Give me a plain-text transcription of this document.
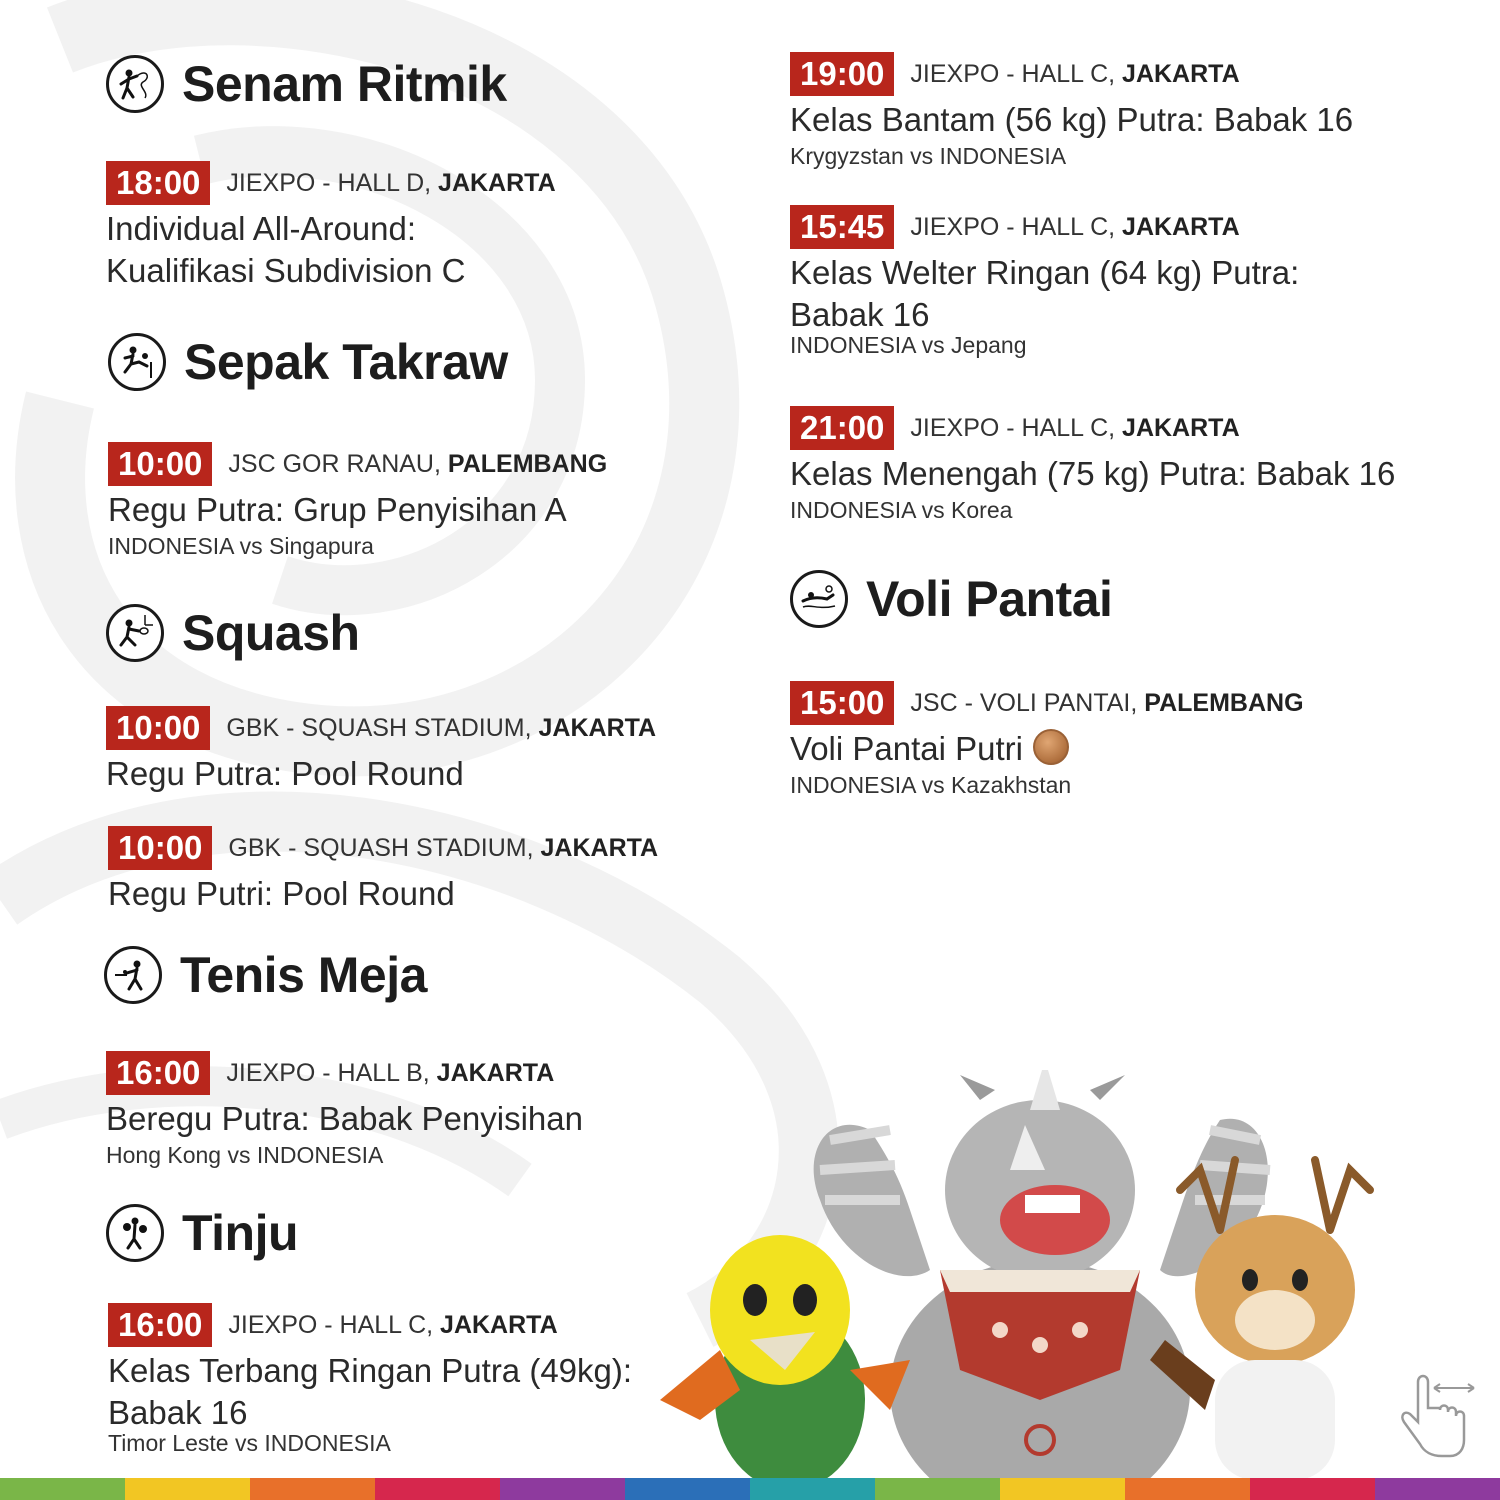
Senam Ritmik
18:00	JIEXPO - HALL D, JAKARTA
Individual All-Around:
Kualifikasi Subdivision C
Sepak Takraw
10:00	JSC GOR RANAU, PALEMBANG
Regu Putra: Grup Penyisihan A
INDONESIA vs Singapura
Squash
10:00	GBK - SQUASH STADIUM, JAKARTA
Regu Putra: Pool Round
10:00	GBK - SQUASH STADIUM, JAKARTA
Regu Putri: Pool Round
Tenis Meja
16:00	JIEXPO - HALL B, JAKARTA
Beregu Putra: Babak Penyisihan
Hong Kong vs INDONESIA
Tinju
16:00	JIEXPO - HALL C, JAKARTA
Kelas Terbang Ringan Putra (49kg):
Babak 16
Timor Leste vs INDONESIA
19:00	JIEXPO - HALL C, JAKARTA
Kelas Bantam (56 kg) Putra: Babak 16
Krygyzstan vs INDONESIA
15:45	JIEXPO - HALL C, JAKARTA
Kelas Welter Ringan (64 kg) Putra:
Babak 16
INDONESIA vs Jepang
21:00	JIEXPO - HALL C, JAKARTA
Kelas Menengah (75 kg) Putra: Babak 16
INDONESIA vs Korea
Voli Pantai
15:00	JSC - VOLI PANTAI, PALEMBANG
Voli Pantai Putri
INDONESIA vs Kazakhstan
